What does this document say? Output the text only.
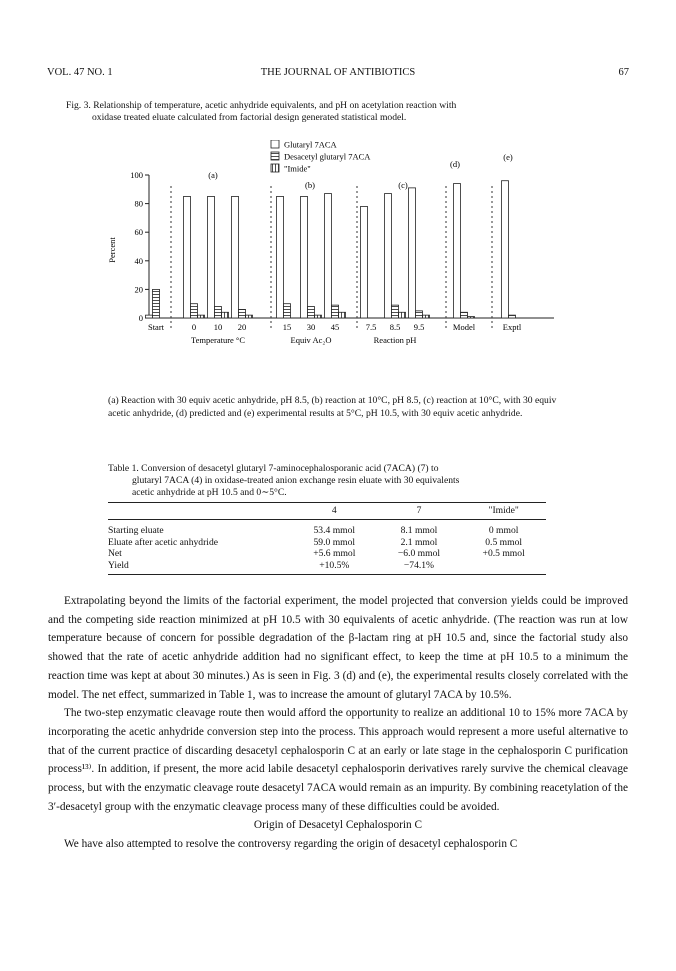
VOL. 47 NO. 1	THE JOURNAL OF ANTIBIOTICS	67
Fig. 3. Relationship of temperature, acetic anhydride equivalents, and pH on acetylation reaction with
oxidase treated eluate calculated from factorial design generated statistical model.
0
20
40
60
80
100
Percent
Glutaryl 7ACA
Desacetyl glutaryl 7ACA
"Imide"
Start	0 10 20	15 30 45	7.5 8.5 9.5	Model	Exptl
(a)
(b)	(c)
(d)
(e)
Temperature °C	Equiv Ac₂O	Reaction pH
(a) Reaction with 30 equiv acetic anhydride, pH 8.5, (b) reaction at 10°C, pH 8.5, (c) reaction at 10°C, with 30 equiv acetic anhydride, (d) predicted and (e) experimental results at 5°C, pH 10.5, with 30 equiv acetic anhydride.
Table 1. Conversion of desacetyl glutaryl 7-aminocephalosporanic acid (7ACA) (7) to
glutaryl 7ACA (4) in oxidase-treated anion exchange resin eluate with 30 equivalents
acetic anhydride at pH 10.5 and 0∼5°C.
	4	7	"Imide"
Starting eluate	53.4 mmol	8.1 mmol	0 mmol
Eluate after acetic anhydride	59.0 mmol	2.1 mmol	0.5 mmol
Net	+5.6 mmol	−6.0 mmol	+0.5 mmol
Yield	+10.5%	−74.1%	

Extrapolating beyond the limits of the factorial experiment, the model projected that conversion yields could be improved and the competing side reaction minimized at pH 10.5 with 30 equivalents of acetic anhydride. (The reaction was run at low temperature because of concern for possible degradation of the β-lactam ring at pH 10.5 and, since the factorial study also showed that the rate of acetic anhydride addition had no significant effect, to keep the time at pH 10.5 to a minimum the reaction time was kept at about 30 minutes.) As is seen in Fig. 3 (d) and (e), the experimental results closely correlated with the model. The net effect, summarized in Table 1, was to increase the amount of glutaryl 7ACA by 10.5%.

The two-step enzymatic cleavage route then would afford the opportunity to realize an additional 10 to 15% more 7ACA by incorporating the acetic anhydride conversion step into the process. This approach would represent a more useful alternative to that of the current practice of discarding desacetyl cephalosporin C at an early or late stage in the cephalosporin C purification process¹³⁾. In addition, if present, the more acid labile desacetyl cephalosporin derivatives rarely survive the chemical cleavage process, but with the enzymatic cleavage route desacetyl 7ACA would remain as an impurity. By combining reacetylation of the 3′-desacetyl group with the enzymatic cleavage process many of these difficulties could be avoided.

Origin of Desacetyl Cephalosporin C

We have also attempted to resolve the controversy regarding the origin of desacetyl cephalosporin C
